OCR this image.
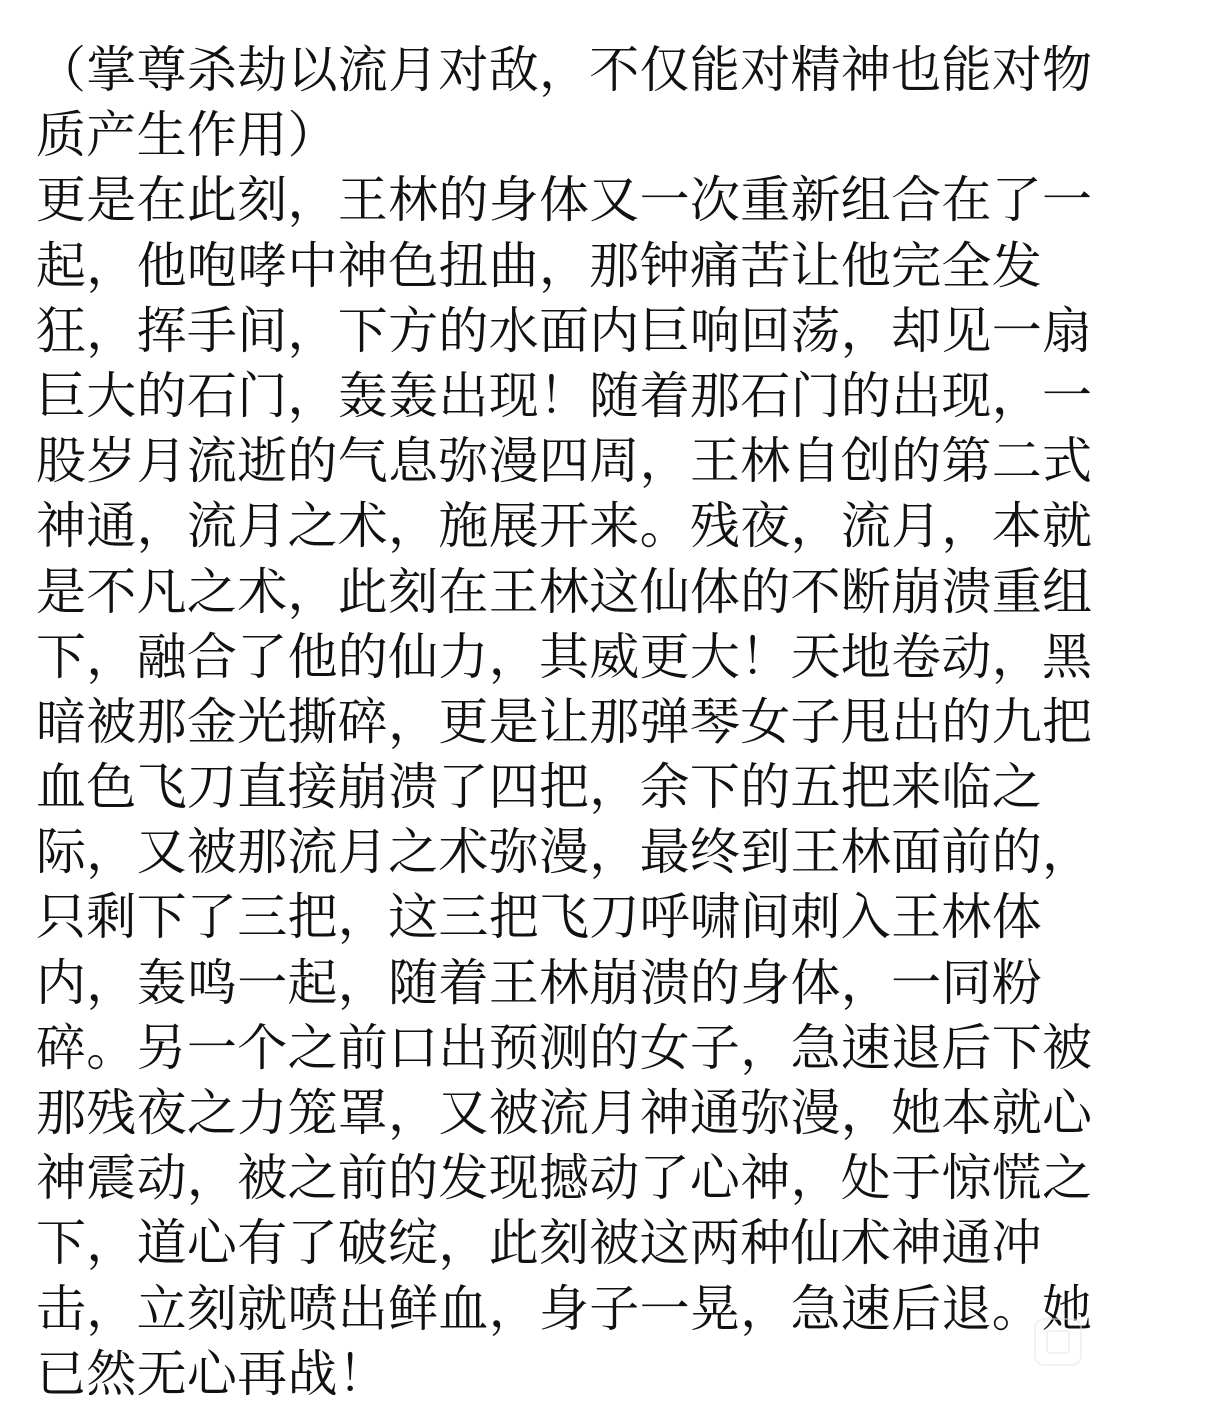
（掌尊杀劫以流月对敌，不仅能对精神也能对物
质产生作用）
更是在此刻，王林的身体又一次重新组合在了一
起，他咆哮中神色扭曲，那钟痛苦让他完全发
狂，挥手间，下方的水面内巨响回荡，却见一扇
巨大的石门，轰轰出现！随着那石门的出现，一
股岁月流逝的气息弥漫四周，王林自创的第二式
神通，流月之术，施展开来。残夜，流月，本就
是不凡之术，此刻在王林这仙体的不断崩溃重组
下，融合了他的仙力，其威更大！天地卷动，黑
暗被那金光撕碎，更是让那弹琴女子甩出的九把
血色飞刀直接崩溃了四把，余下的五把来临之
际，又被那流月之术弥漫，最终到王林面前的，
只剩下了三把，这三把飞刀呼啸间刺入王林体
内，轰鸣一起，随着王林崩溃的身体，一同粉
碎。另一个之前口出预测的女子，急速退后下被
那残夜之力笼罩，又被流月神通弥漫，她本就心
神震动，被之前的发现撼动了心神，处于惊慌之
下，道心有了破绽，此刻被这两种仙术神通冲
击，立刻就喷出鲜血，身子一晃，急速后退。她
已然无心再战！
